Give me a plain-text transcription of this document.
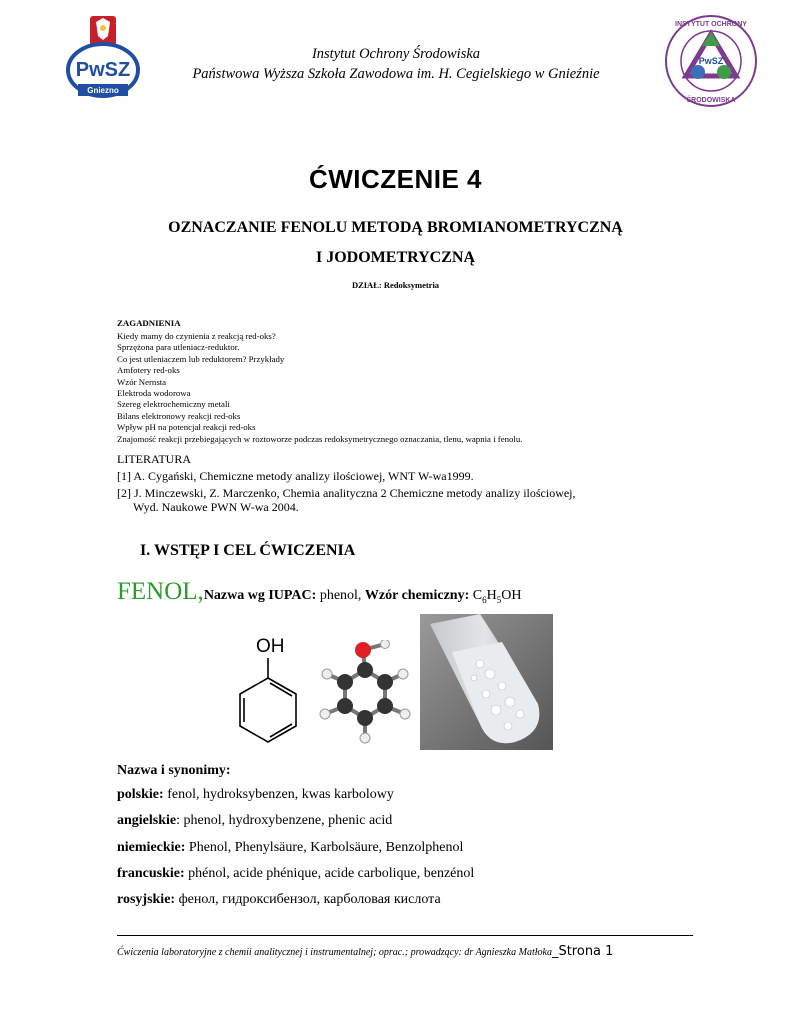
PwSZ
Gniezno
Instytut Ochrony Środowiska
Państwowa Wyższa Szkoła Zawodowa im. H. Cegielskiego w Gnieźnie
PwSZ
INSTYTUT OCHRONY
ŚRODOWISKA
ĆWICZENIE 4
OZNACZANIE FENOLU METODĄ BROMIANOMETRYCZNĄ
I JODOMETRYCZNĄ
DZIAŁ: Redoksymetria
ZAGADNIENIA
Kiedy mamy do czynienia z reakcją red-oks?
Sprzężona para utleniacz-reduktor.
Co jest utleniaczem lub reduktorem? Przykłady
Amfotery red-oks
Wzór Nernsta
Elektroda wodorowa
Szereg elektrochemiczny metali
Bilans elektronowy reakcji red-oks
Wpływ pH na potencjał reakcji red-oks
Znajomość reakcji przebiegających w roztoworze podczas redoksymetrycznego oznaczania, tlenu, wapnia i fenolu.
LITERATURA
[1] A. Cygański, Chemiczne metody analizy ilościowej, WNT W-wa1999.
[2] J. Minczewski, Z. Marczenko, Chemia analityczna 2 Chemiczne metody analizy ilościowej,
Wyd. Naukowe PWN W-wa 2004.
I. WSTĘP I CEL ĆWICZENIA
FENOL,Nazwa wg IUPAC: phenol, Wzór chemiczny: $C_6H_5OH$
OH
Nazwa i synonimy:
polskie: fenol, hydroksybenzen, kwas karbolowy
angielskie: phenol, hydroxybenzene, phenic acid
niemieckie: Phenol, Phenylsäure, Karbolsäure, Benzolphenol
francuskie: phénol, acide phénique, acide carbolique, benzénol
rosyjskie: фенол, гидроксибензол, карболовая кислота
Ćwiczenia laboratoryjne z chemii analitycznej i instrumentalnej; oprac.; prowadzący: dr Agnieszka Matłoka_Strona 1
